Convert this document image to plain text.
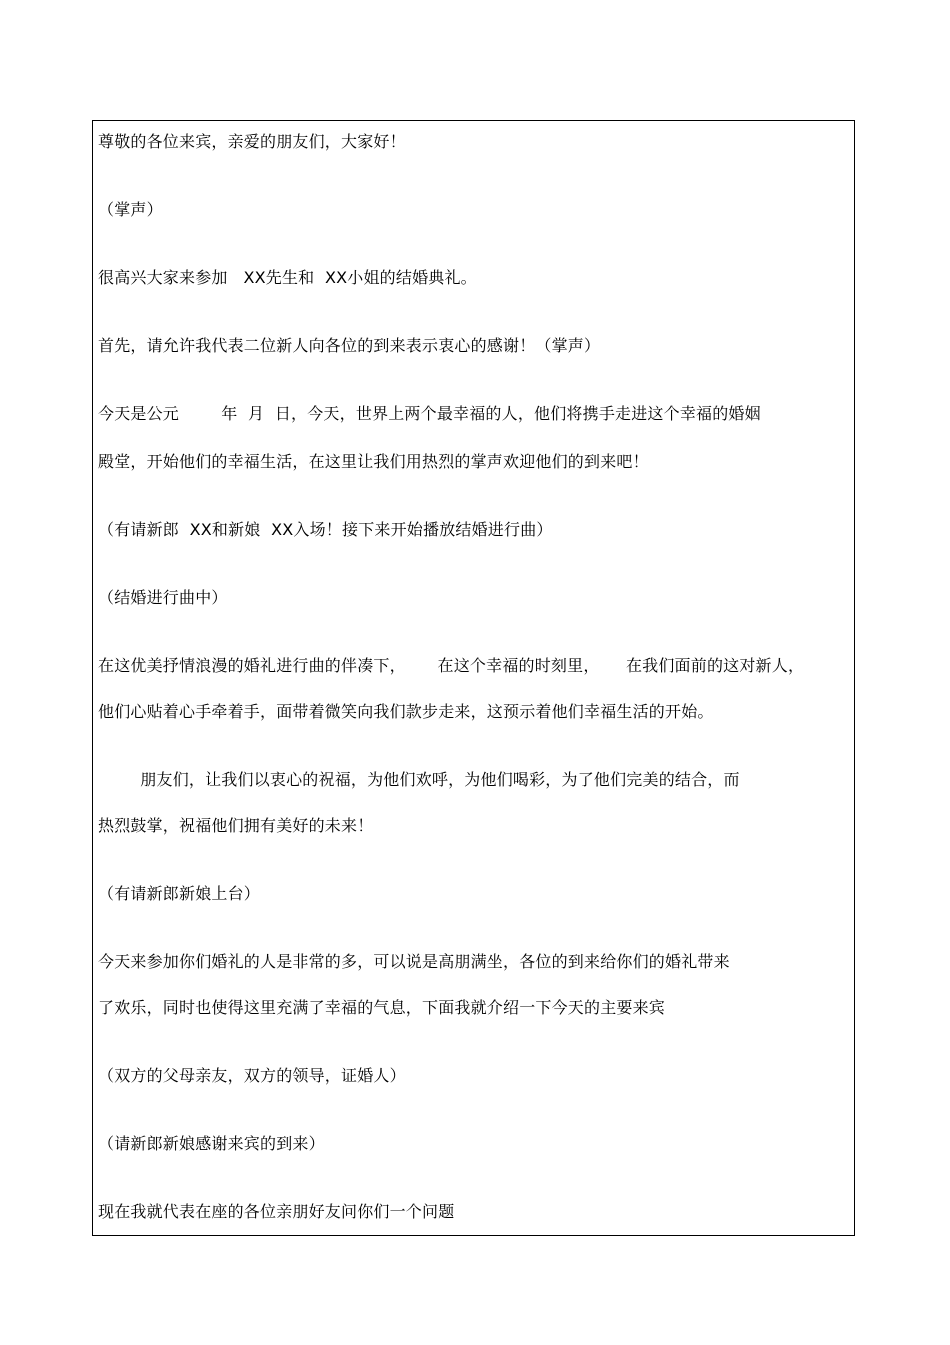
尊敬的各位来宾，亲爱的朋友们，大家好！
（掌声）
很高兴大家来参加   XX先生和  XX小姐的结婚典礼。
首先，请允许我代表二位新人向各位的到来表示衷心的感谢！（掌声）
今天是公元        年  月  日，今天，世界上两个最幸福的人，他们将携手走进这个幸福的婚姻
殿堂，开始他们的幸福生活，在这里让我们用热烈的掌声欢迎他们的到来吧！
（有请新郎  XX和新娘  XX入场！接下来开始播放结婚进行曲）
（结婚进行曲中）
在这优美抒情浪漫的婚礼进行曲的伴凑下，      在这个幸福的时刻里，     在我们面前的这对新人，
他们心贴着心手牵着手，面带着微笑向我们款步走来，这预示着他们幸福生活的开始。
朋友们，让我们以衷心的祝福，为他们欢呼，为他们喝彩，为了他们完美的结合，而
热烈鼓掌，祝福他们拥有美好的未来！
（有请新郎新娘上台）
今天来参加你们婚礼的人是非常的多，可以说是高朋满坐，各位的到来给你们的婚礼带来
了欢乐，同时也使得这里充满了幸福的气息，下面我就介绍一下今天的主要来宾
（双方的父母亲友，双方的领导，证婚人）
（请新郎新娘感谢来宾的到来）
现在我就代表在座的各位亲朋好友问你们一个问题
